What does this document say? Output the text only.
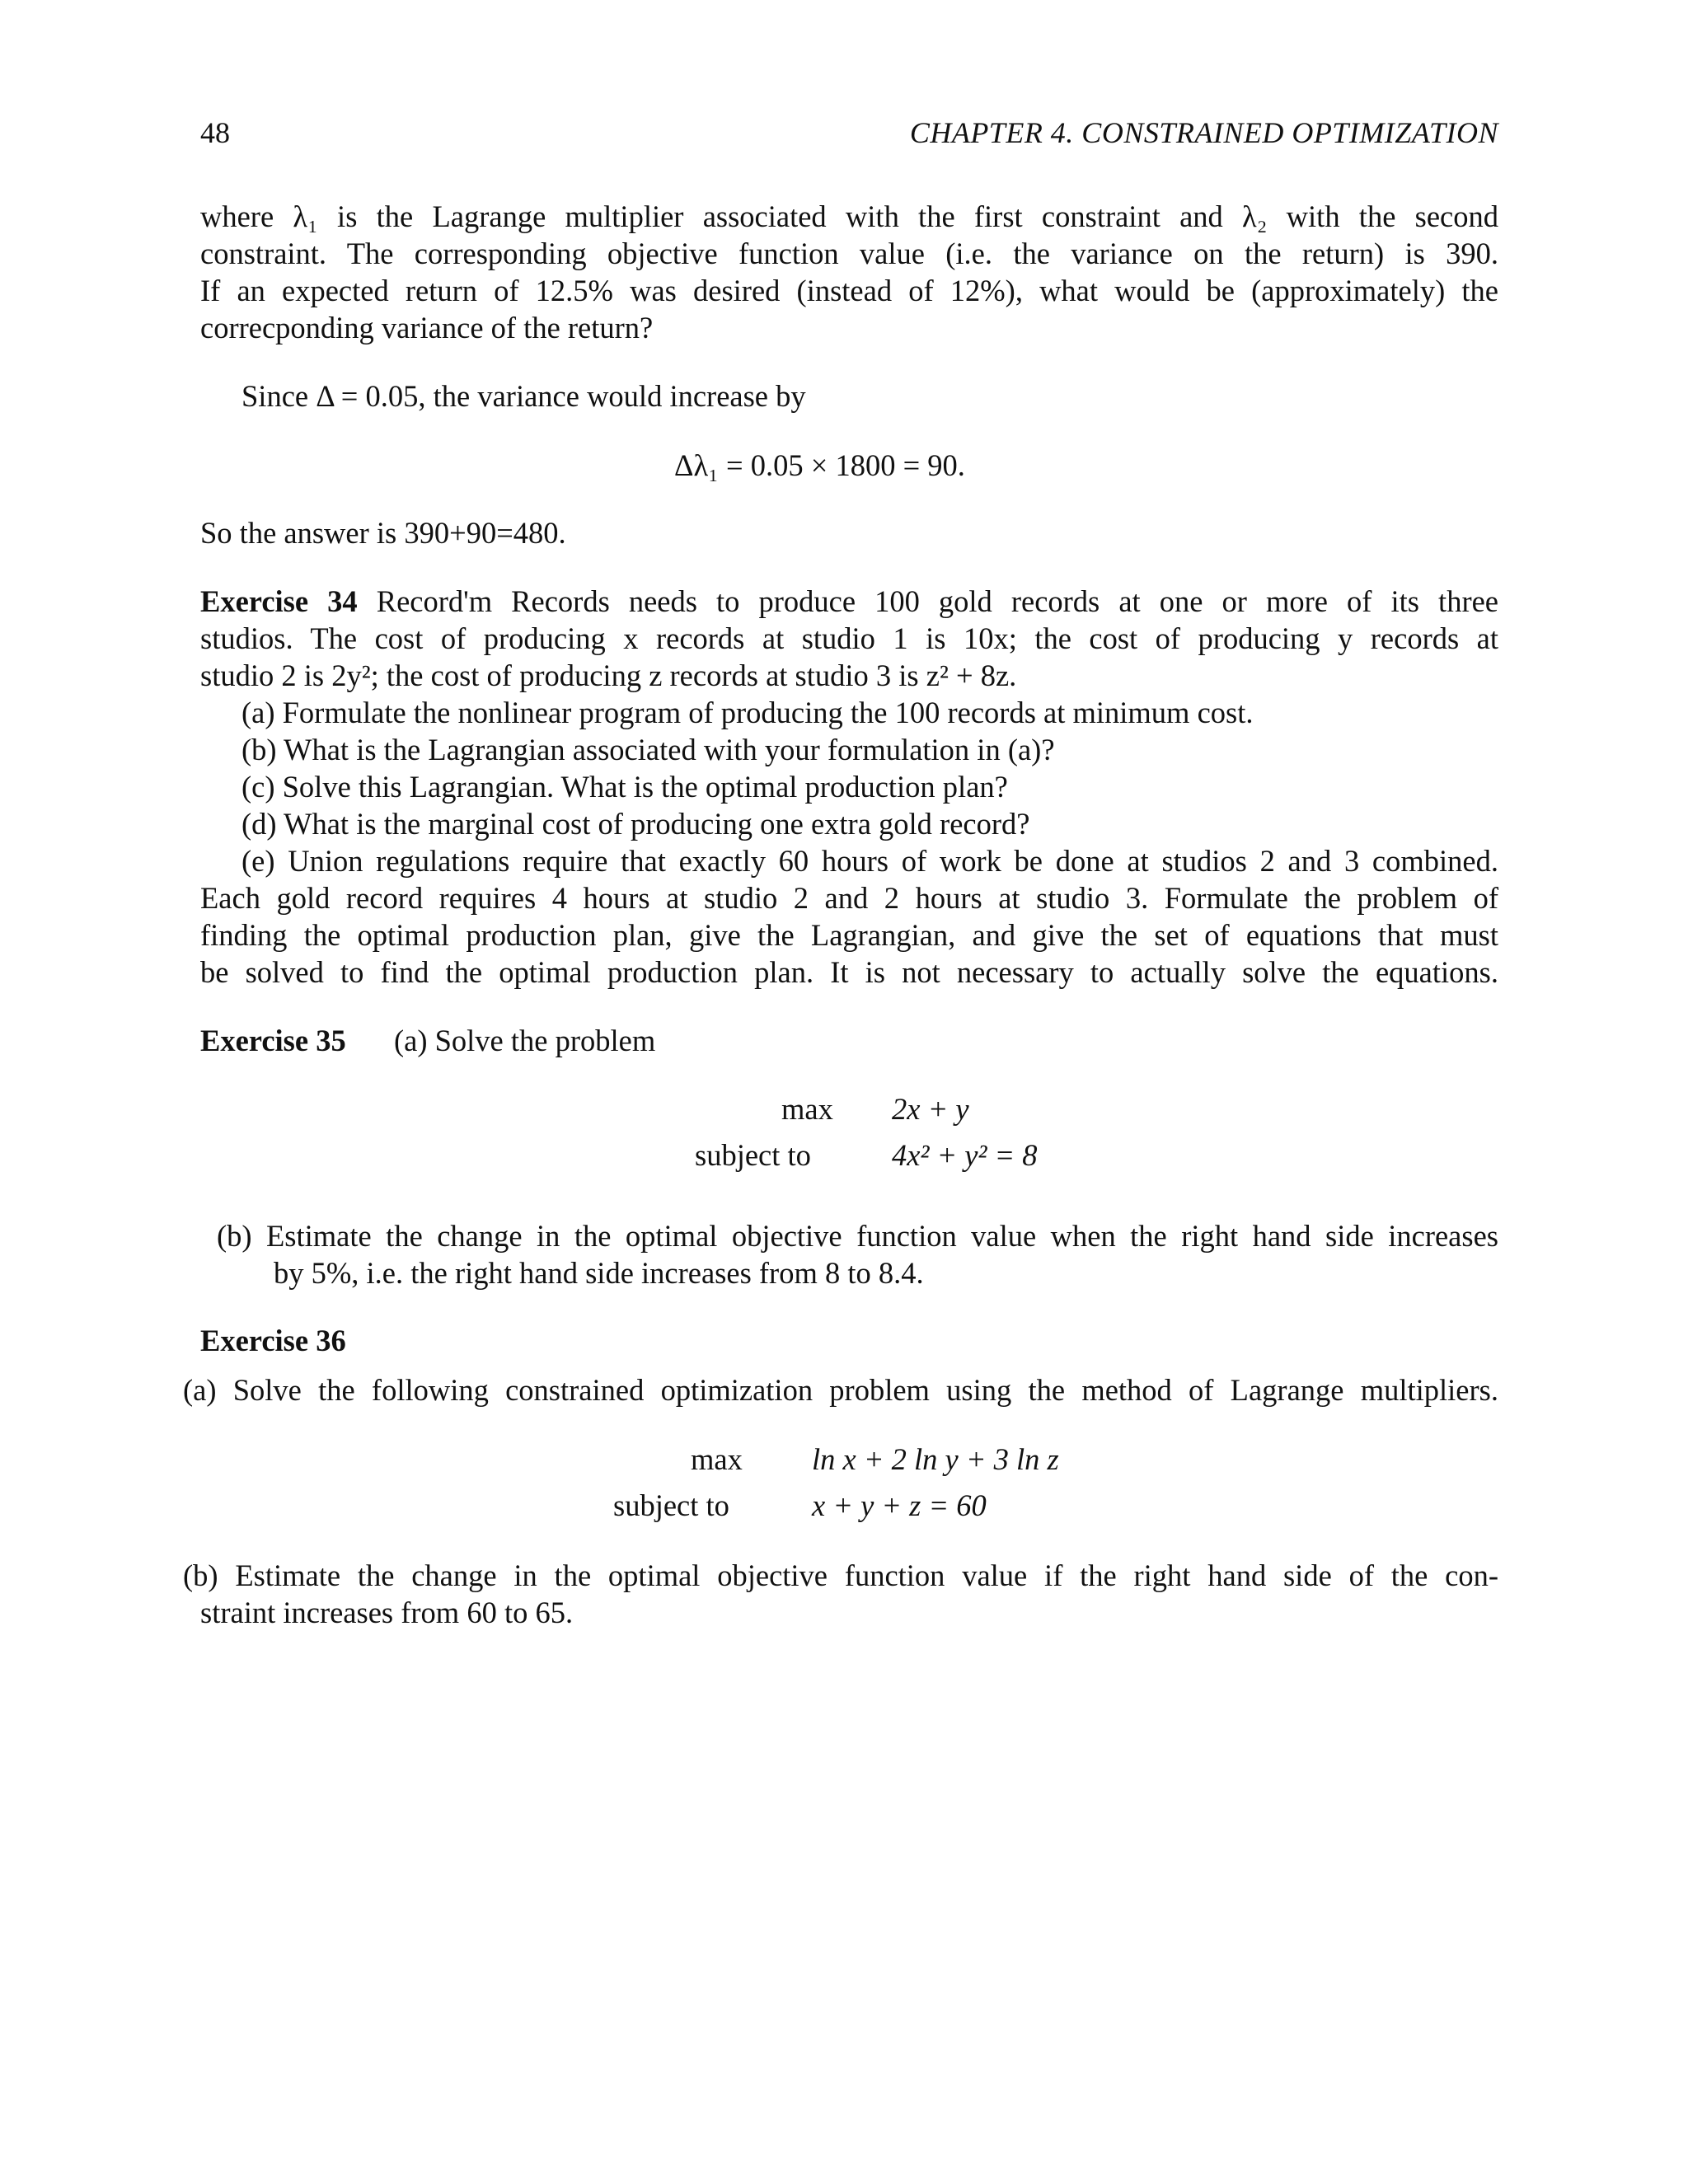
48	CHAPTER 4. CONSTRAINED OPTIMIZATION
where λ₁ is the Lagrange multiplier associated with the first constraint and λ₂ with the second
constraint. The corresponding objective function value (i.e. the variance on the return) is 390.
If an expected return of 12.5% was desired (instead of 12%), what would be (approximately) the
correcponding variance of the return?
Since Δ = 0.05, the variance would increase by
Δλ₁ = 0.05 × 1800 = 90.
So the answer is 390+90=480.
Exercise 34 Record'm Records needs to produce 100 gold records at one or more of its three
studios. The cost of producing x records at studio 1 is 10x; the cost of producing y records at
studio 2 is 2y²; the cost of producing z records at studio 3 is z² + 8z.
(a) Formulate the nonlinear program of producing the 100 records at minimum cost.
(b) What is the Lagrangian associated with your formulation in (a)?
(c) Solve this Lagrangian. What is the optimal production plan?
(d) What is the marginal cost of producing one extra gold record?
(e) Union regulations require that exactly 60 hours of work be done at studios 2 and 3 combined.
Each gold record requires 4 hours at studio 2 and 2 hours at studio 3. Formulate the problem of
finding the optimal production plan, give the Lagrangian, and give the set of equations that must
be solved to find the optimal production plan. It is not necessary to actually solve the equations.
Exercise 35 (a) Solve the problem
max 2x + y
subject to	4x² + y² = 8
(b) Estimate the change in the optimal objective function value when the right hand side increases
by 5%, i.e. the right hand side increases from 8 to 8.4.
Exercise 36
(a) Solve the following constrained optimization problem using the method of Lagrange multipliers.
max ln x + 2 ln y + 3 ln z
subject to	x + y + z = 60
(b) Estimate the change in the optimal objective function value if the right hand side of the con-
straint increases from 60 to 65.
